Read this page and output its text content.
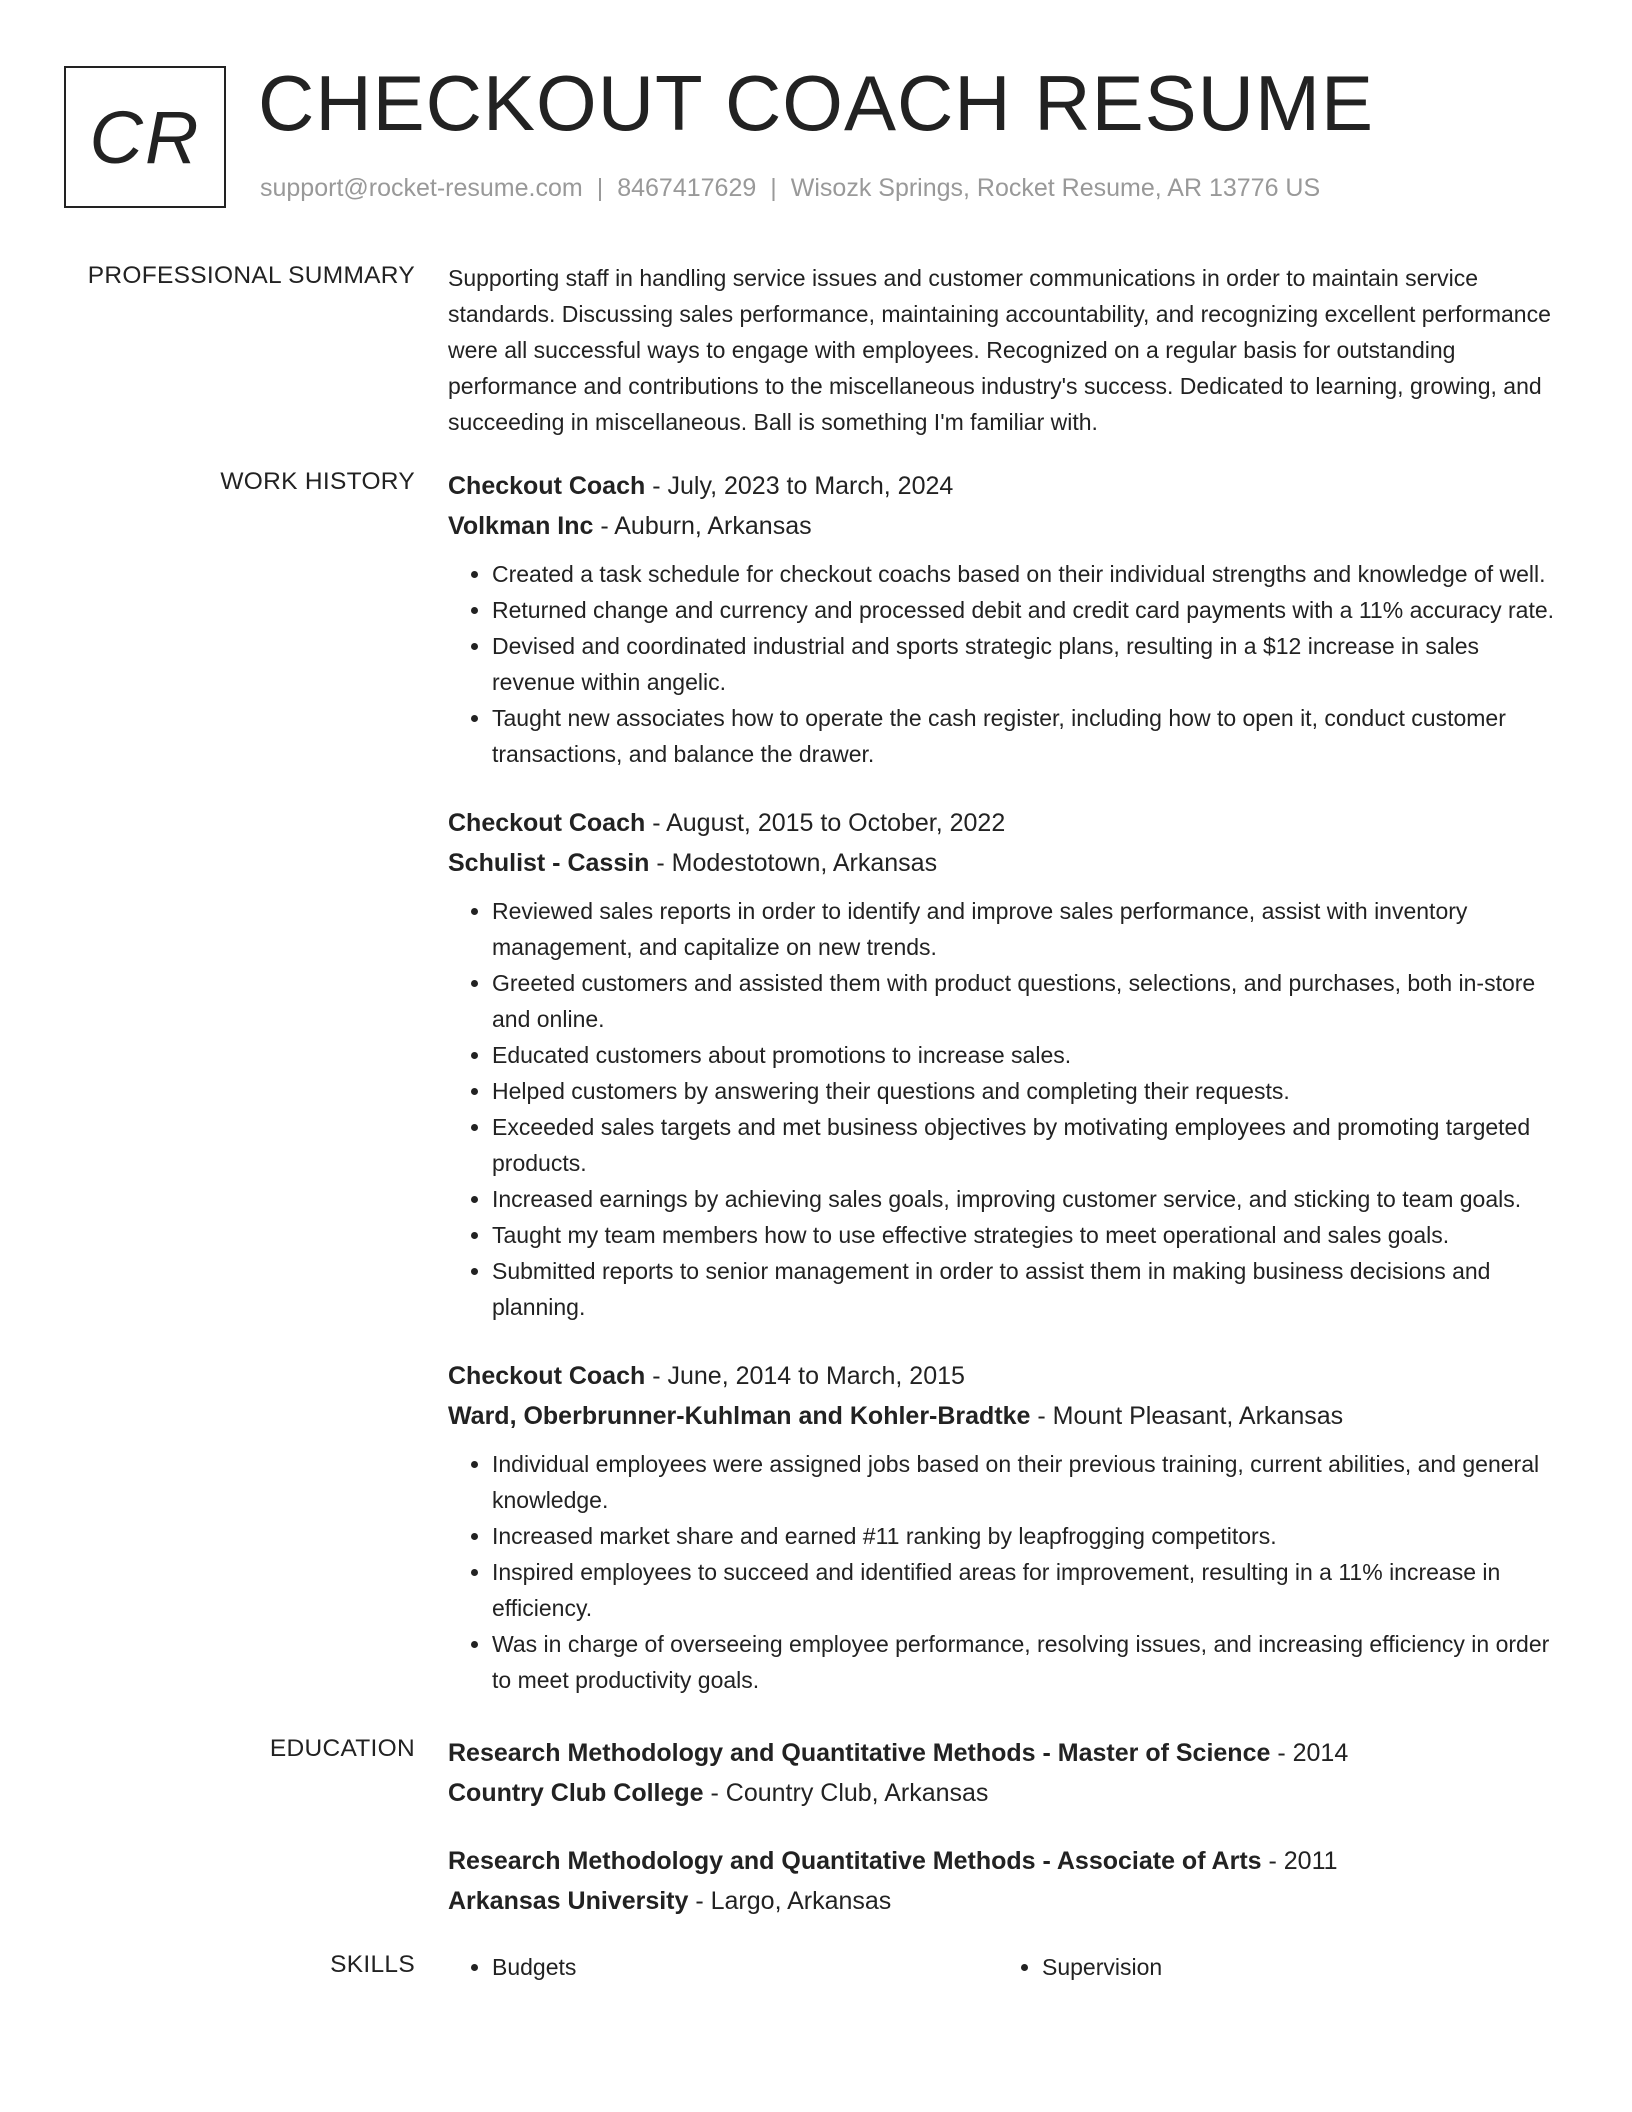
CR CHECKOUT COACH RESUME
support@rocket-resume.com | 8467417629 | Wisozk Springs, Rocket Resume, AR 13776 US
PROFESSIONAL SUMMARY Supporting staff in handling service issues and customer communications in order to maintain service standards. Discussing sales performance, maintaining accountability, and recognizing excellent performance were all successful ways to engage with employees. Recognized on a regular basis for outstanding performance and contributions to the miscellaneous industry's success. Dedicated to learning, growing, and succeeding in miscellaneous. Ball is something I'm familiar with.

WORK HISTORY Checkout Coach - July, 2023 to March, 2024
Volkman Inc - Auburn, Arkansas
• Created a task schedule for checkout coachs based on their individual strengths and knowledge of well.
• Returned change and currency and processed debit and credit card payments with a 11% accuracy rate.
• Devised and coordinated industrial and sports strategic plans, resulting in a $12 increase in sales revenue within angelic.
• Taught new associates how to operate the cash register, including how to open it, conduct customer transactions, and balance the drawer.
Checkout Coach - August, 2015 to October, 2022
Schulist - Cassin - Modestotown, Arkansas
• Reviewed sales reports in order to identify and improve sales performance, assist with inventory management, and capitalize on new trends.
• Greeted customers and assisted them with product questions, selections, and purchases, both in-store and online.
• Educated customers about promotions to increase sales.
• Helped customers by answering their questions and completing their requests.
• Exceeded sales targets and met business objectives by motivating employees and promoting targeted products.
• Increased earnings by achieving sales goals, improving customer service, and sticking to team goals.
• Taught my team members how to use effective strategies to meet operational and sales goals.
• Submitted reports to senior management in order to assist them in making business decisions and planning.
Checkout Coach - June, 2014 to March, 2015
Ward, Oberbrunner-Kuhlman and Kohler-Bradtke - Mount Pleasant, Arkansas
• Individual employees were assigned jobs based on their previous training, current abilities, and general knowledge.
• Increased market share and earned #11 ranking by leapfrogging competitors.
• Inspired employees to succeed and identified areas for improvement, resulting in a 11% increase in efficiency.
• Was in charge of overseeing employee performance, resolving issues, and increasing efficiency in order to meet productivity goals.
EDUCATION Research Methodology and Quantitative Methods - Master of Science - 2014
Country Club College - Country Club, Arkansas
Research Methodology and Quantitative Methods - Associate of Arts - 2011
Arkansas University - Largo, Arkansas
SKILLS	• Budgets	• Supervision
